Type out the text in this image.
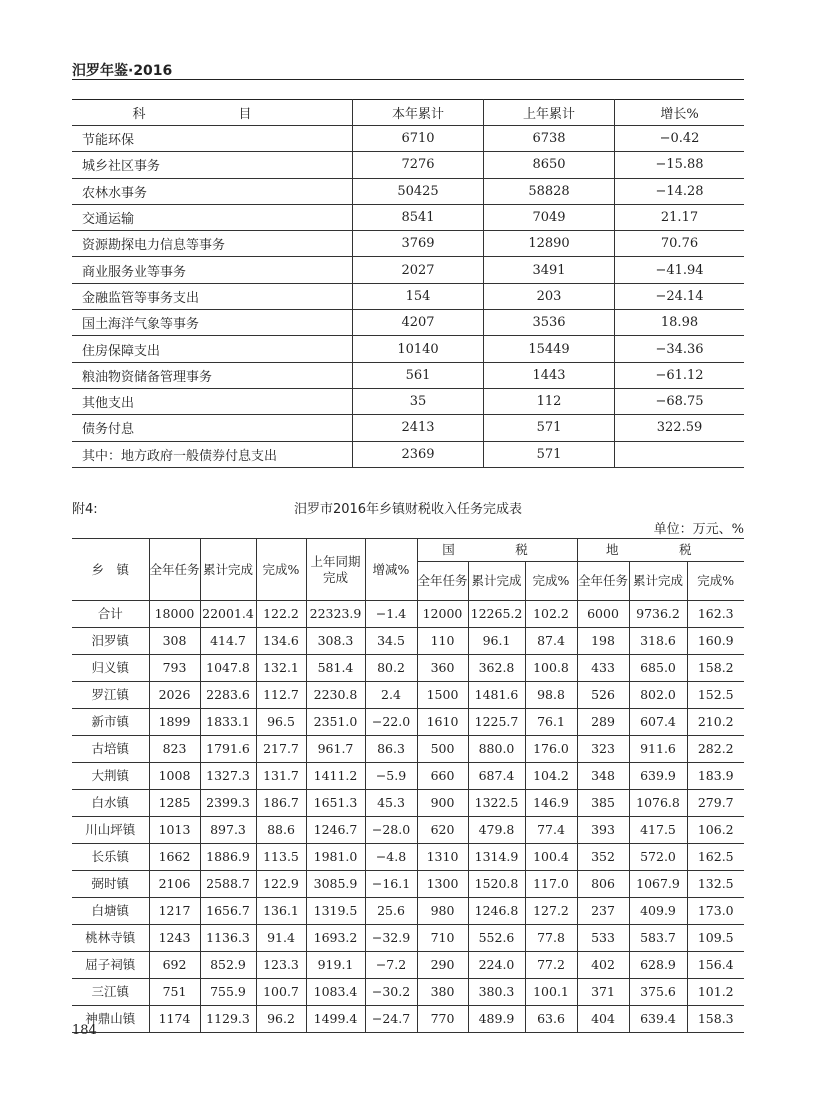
汨罗年鉴·2016
科　目	本年累计	上年累计	增长%
节能环保	6710	6738	−0.42
城乡社区事务	7276	8650	−15.88
农林水事务	50425	58828	−14.28
交通运输	8541	7049	21.17
资源勘探电力信息等事务	3769	12890	70.76
商业服务业等事务	2027	3491	−41.94
金融监管等事务支出	154	203	−24.14
国土海洋气象等事务	4207	3536	18.98
住房保障支出	10140	15449	−34.36
粮油物资储备管理事务	561	1443	−61.12
其他支出	35	112	−68.75
债务付息	2413	571	322.59
其中：地方政府一般债券付息支出	2369	571	
附4:	汨罗市2016年乡镇财税收入任务完成表
单位：万元、%
乡　镇	全年任务	累计完成	完成%	上年同期完成	增减%	国　税			地　税		
						全年任务	累计完成	完成%	全年任务	累计完成	完成%
合计	18000	22001.4	122.2	22323.9	−1.4	12000	12265.2	102.2	6000	9736.2	162.3
汨罗镇	308	414.7	134.6	308.3	34.5	110	96.1	87.4	198	318.6	160.9
归义镇	793	1047.8	132.1	581.4	80.2	360	362.8	100.8	433	685.0	158.2
罗江镇	2026	2283.6	112.7	2230.8	2.4	1500	1481.6	98.8	526	802.0	152.5
新市镇	1899	1833.1	96.5	2351.0	−22.0	1610	1225.7	76.1	289	607.4	210.2
古培镇	823	1791.6	217.7	961.7	86.3	500	880.0	176.0	323	911.6	282.2
大荆镇	1008	1327.3	131.7	1411.2	−5.9	660	687.4	104.2	348	639.9	183.9
白水镇	1285	2399.3	186.7	1651.3	45.3	900	1322.5	146.9	385	1076.8	279.7
川山坪镇	1013	897.3	88.6	1246.7	−28.0	620	479.8	77.4	393	417.5	106.2
长乐镇	1662	1886.9	113.5	1981.0	−4.8	1310	1314.9	100.4	352	572.0	162.5
弼时镇	2106	2588.7	122.9	3085.9	−16.1	1300	1520.8	117.0	806	1067.9	132.5
白塘镇	1217	1656.7	136.1	1319.5	25.6	980	1246.8	127.2	237	409.9	173.0
桃林寺镇	1243	1136.3	91.4	1693.2	−32.9	710	552.6	77.8	533	583.7	109.5
屈子祠镇	692	852.9	123.3	919.1	−7.2	290	224.0	77.2	402	628.9	156.4
三江镇	751	755.9	100.7	1083.4	−30.2	380	380.3	100.1	371	375.6	101.2
神鼎山镇	1174	1129.3	96.2	1499.4	−24.7	770	489.9	63.6	404	639.4	158.3
184
